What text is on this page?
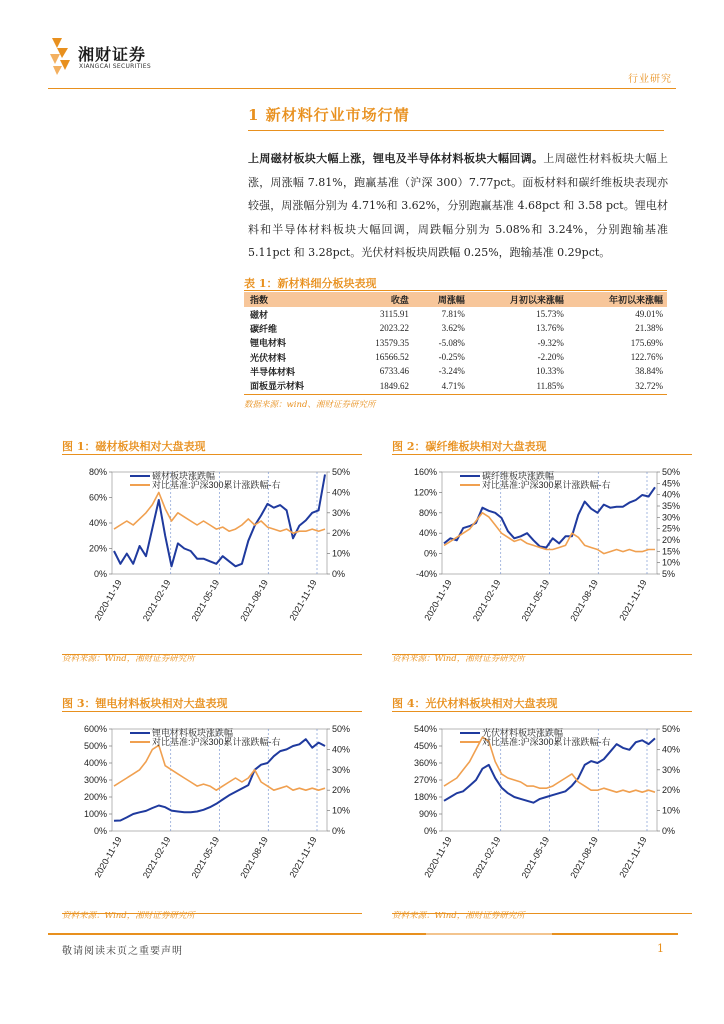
湘财证券
XIANGCAI SECURITIES
行业研究
1 新材料行业市场行情

上周磁材板块大幅上涨，锂电及半导体材料板块大幅回调。上周磁性材料板块大幅上涨，周涨幅 7.81%，跑赢基准（沪深 300）7.77pct。面板材料和碳纤维板块表现亦较强，周涨幅分别为 4.71%和 3.62%，分别跑赢基准 4.68pct 和 3.58 pct。锂电材料和半导体材料板块大幅回调，周跌幅分别为 5.08%和 3.24%，分别跑输基准 5.11pct 和 3.28pct。光伏材料板块周跌幅 0.25%，跑输基准 0.29pct。

表 1：新材料细分板块表现
指数	收盘	周涨幅	月初以来涨幅	年初以来涨幅
磁材	3115.91	7.81%	15.73%	49.01%
碳纤维	2023.22	3.62%	13.76%	21.38%
锂电材料	13579.35	-5.08%	-9.32%	175.69%
光伏材料	16566.52	-0.25%	-2.20%	122.76%
半导体材料	6733.46	-3.24%	10.33%	38.84%
面板显示材料	1849.62	4.71%	11.85%	32.72%
数据来源：wind、湘财证券研究所
图 1：磁材板块相对大盘表现
0%
20%
40%
60%
80%
0%
10%
20%
30%
40%
50%
2020-11-19 2021-02-19 2021-05-19 2021-08-19 2021-11-19
磁材板块涨跌幅
对比基准:沪深300累计涨跌幅-右
资料来源：Wind，湘财证券研究所
图 2：碳纤维板块相对大盘表现
-40%
0%
40%
80%
120%
160%
5%
10%
15%
20%
25%
30%
35%
40%
45%
50%
2020-11-19 2021-02-19 2021-05-19 2021-08-19 2021-11-19
碳纤维板块涨跌幅
对比基准:沪深300累计涨跌幅-右
资料来源：Wind，湘财证券研究所
图 3：锂电材料板块相对大盘表现
0%
100%
200%
300%
400%
500%
600%
0%
10%
20%
30%
40%
50%
2020-11-19 2021-02-19 2021-05-19 2021-08-19 2021-11-19
锂电材料板块涨跌幅
对比基准:沪深300累计涨跌幅-右
资料来源：Wind，湘财证券研究所
图 4：光伏材料板块相对大盘表现
0%
90%
180%
270%
360%
450%
540%
0%
10%
20%
30%
40%
50%
2020-11-19 2021-02-19 2021-05-19 2021-08-19 2021-11-19
光伏材料板块涨跌幅
对比基准:沪深300累计涨跌幅-右
资料来源：Wind，湘财证券研究所
敬请阅读末页之重要声明	1
